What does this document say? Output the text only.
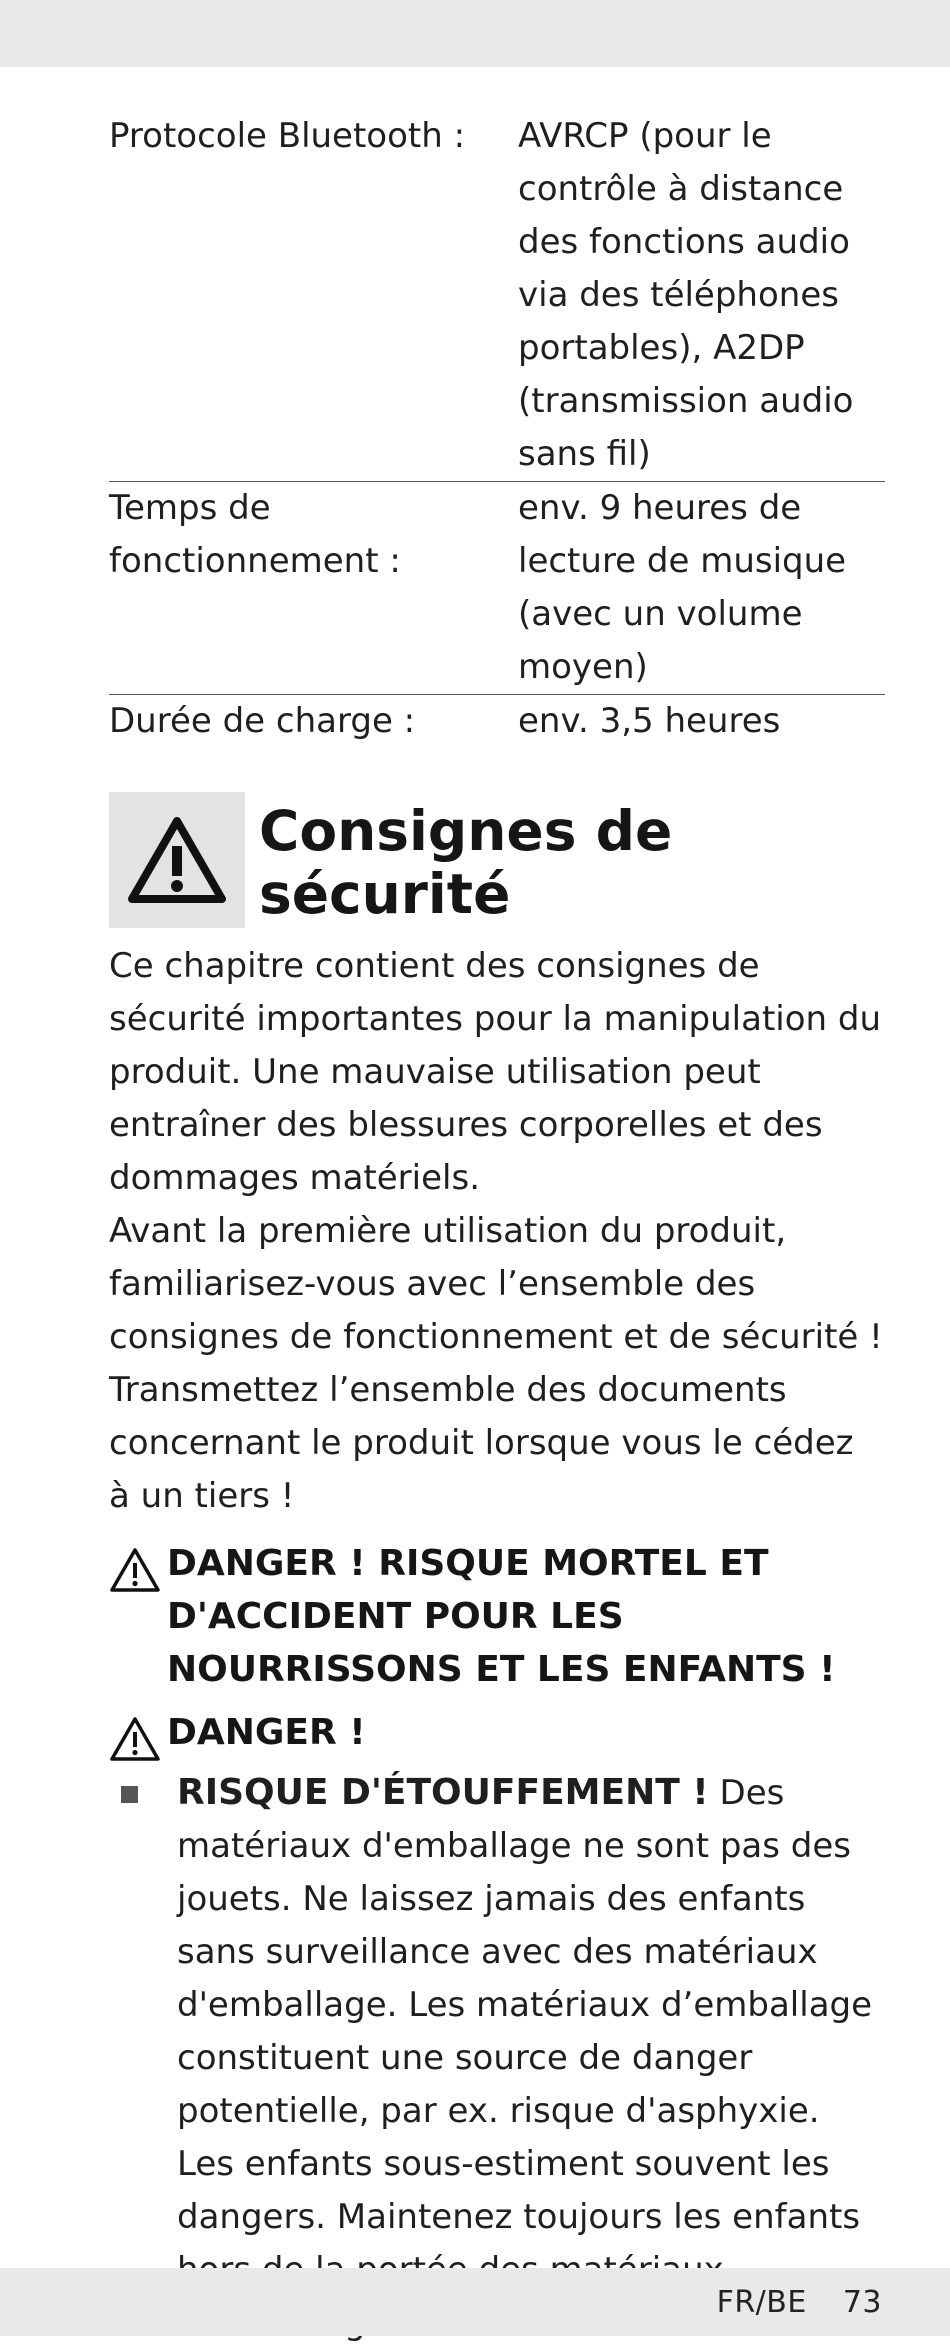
Protocole Bluetooth :	AVRCP (pour le contrôle à distance des fonctions audio via des téléphones portables), A2DP (transmission audio sans fil)
Temps de fonctionnement :	env. 9 heures de lecture de musique (avec un volume moyen)
Durée de charge :	env. 3,5 heures
Consignes de sécurité

Ce chapitre contient des consignes de sécurité importantes pour la manipulation du produit. Une mauvaise utilisation peut entraîner des blessures corporelles et des dommages matériels.

Avant la première utilisation du produit, familiarisez-vous avec l’ensemble des consignes de fonctionnement et de sécurité ! Transmettez l’ensemble des documents concernant le produit lorsque vous le cédez à un tiers !

DANGER ! RISQUE MORTEL ET D'ACCIDENT POUR LES NOURRISSONS ET LES ENFANTS !
DANGER !
RISQUE D'ÉTOUFFEMENT ! Des matériaux d'emballage ne sont pas des jouets. Ne laissez jamais des enfants sans surveillance avec des matériaux d'emballage. Les matériaux d’emballage constituent une source de danger potentielle, par ex. risque d'asphyxie. Les enfants sous-estiment souvent les dangers. Maintenez toujours les enfants
FR/BE 73
